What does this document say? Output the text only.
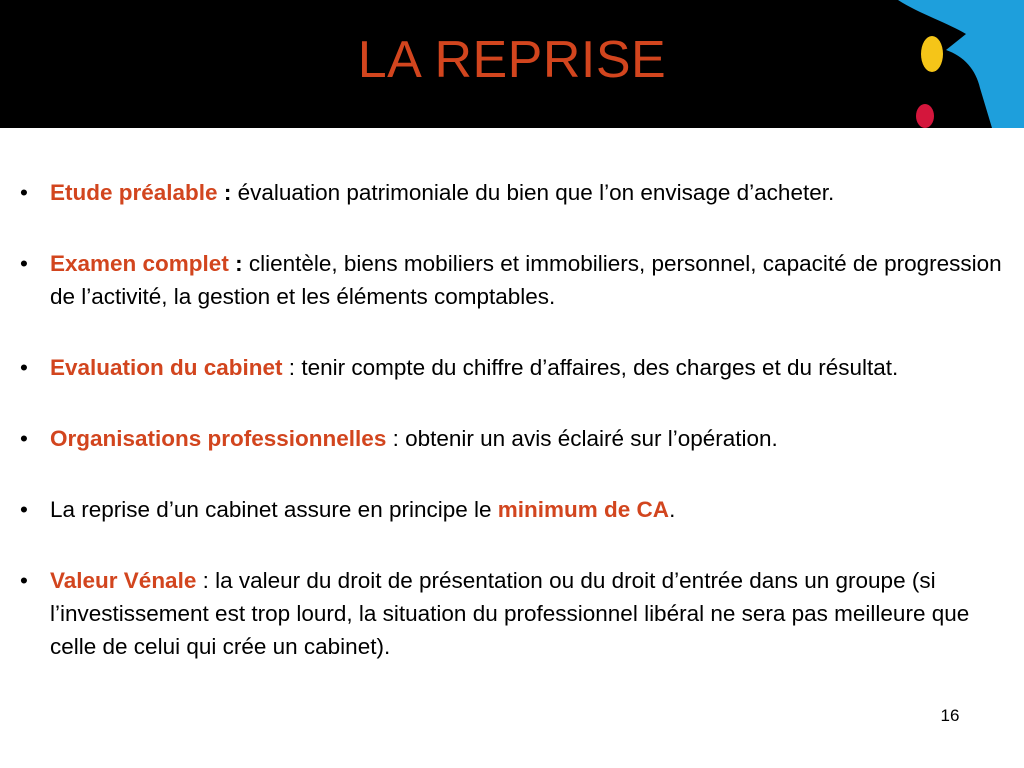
LA REPRISE
• Etude préalable : évaluation patrimoniale du bien que l’on envisage d’acheter.
• Examen complet : clientèle, biens mobiliers et immobiliers, personnel, capacité de progression de l’activité, la gestion et les éléments comptables.
• Evaluation du cabinet : tenir compte du chiffre d’affaires, des charges et du résultat.
• Organisations professionnelles : obtenir un avis éclairé sur l’opération.
• La reprise d’un cabinet assure en principe le minimum de CA.
• Valeur Vénale : la valeur du droit de présentation ou du droit d’entrée dans un groupe (si l’investissement est trop lourd, la situation du professionnel libéral ne sera pas meilleure que celle de celui qui crée un cabinet).
16
